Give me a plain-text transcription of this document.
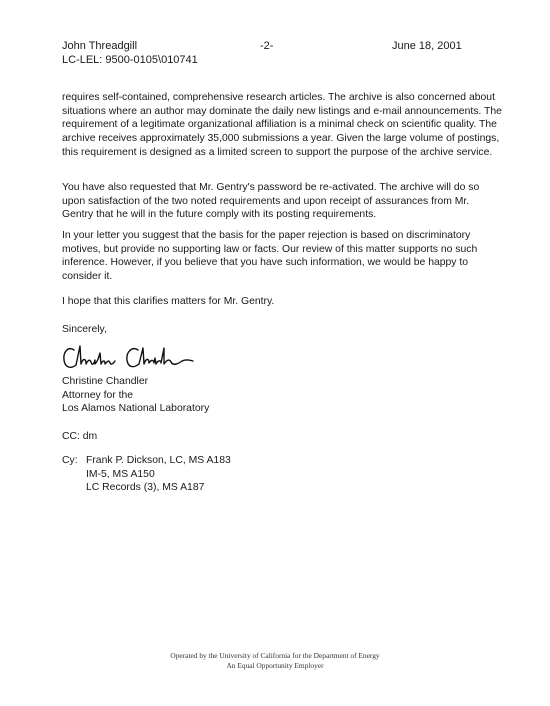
John Threadgill
LC-LEL: 9500-0105\010741
-2-	June 18, 2001

requires self-contained, comprehensive research articles. The archive is also concerned about situations where an author may dominate the daily new listings and e-mail announcements. The requirement of a legitimate organizational affiliation is a minimal check on scientific quality. The archive receives approximately 35,000 submissions a year. Given the large volume of postings, this requirement is designed as a limited screen to support the purpose of the archive service.

You have also requested that Mr. Gentry's password be re-activated. The archive will do so upon satisfaction of the two noted requirements and upon receipt of assurances from Mr. Gentry that he will in the future comply with its posting requirements.

In your letter you suggest that the basis for the paper rejection is based on discriminatory motives, but provide no supporting law or facts. Our review of this matter supports no such inference. However, if you believe that you have such information, we would be happy to consider it.

I hope that this clarifies matters for Mr. Gentry.

Sincerely,
Christine Chandler
Attorney for the
Los Alamos National Laboratory
CC: dm
Cy: Frank P. Dickson, LC, MS A183
IM-5, MS A150
LC Records (3), MS A187
Operated by the University of California for the Department of Energy
An Equal Opportunity Employer
